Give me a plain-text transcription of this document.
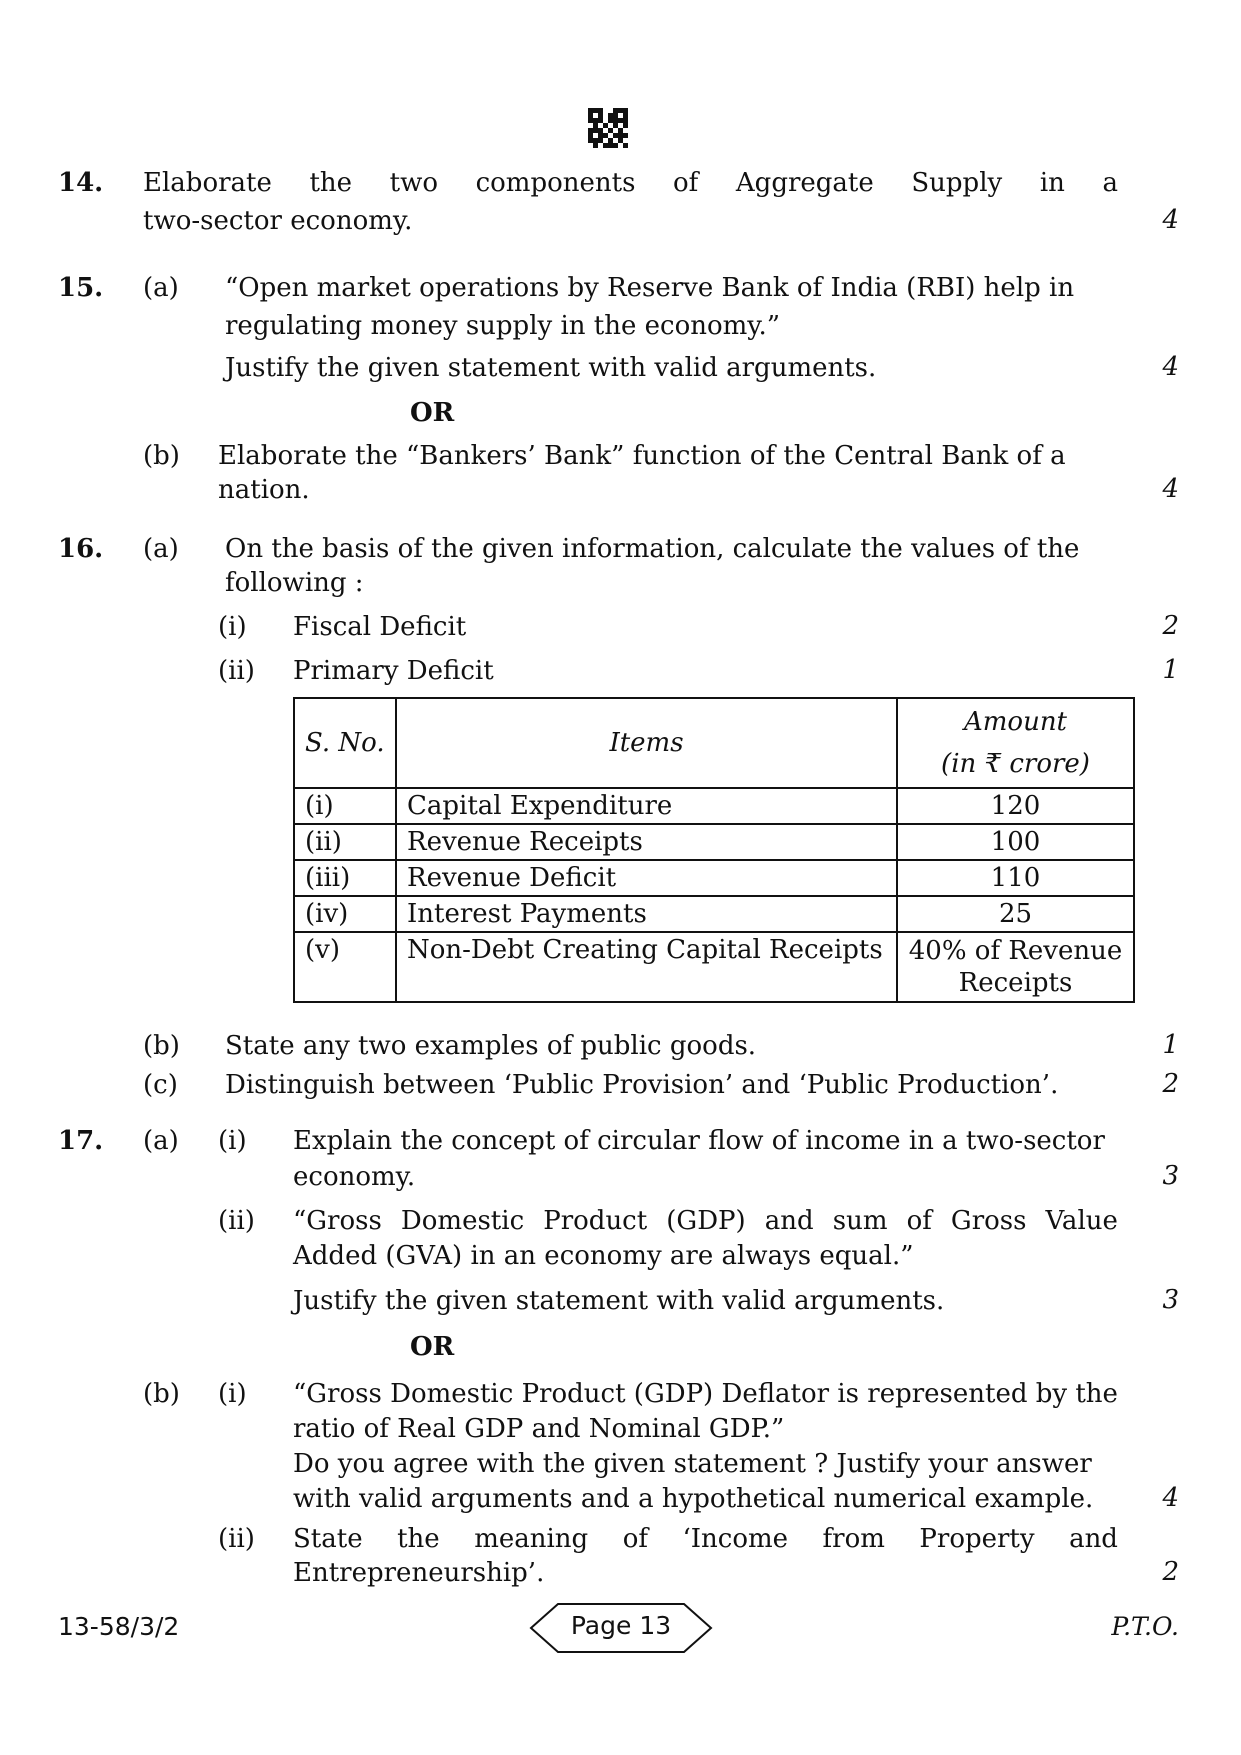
14. Elaborate the two components of Aggregate Supply in a
two-sector economy.	4
15. (a) “Open market operations by Reserve Bank of India (RBI) help in
regulating money supply in the economy.”
Justify the given statement with valid arguments.	4
OR
(b) Elaborate the “Bankers’ Bank” function of the Central Bank of a
nation.	4
16. (a) On the basis of the given information, calculate the values of the
following :
(i) Fiscal Deficit	2
(ii) Primary Deficit	1
S. No.	Items	Amount
(in ₹ crore)

(i)	Capital Expenditure	120
(ii)	Revenue Receipts	100
(iii)	Revenue Deficit	110
(iv)	Interest Payments	25
(v)	Non-Debt Creating Capital Receipts	40% of Revenue Receipts
(b) State any two examples of public goods.	1
(c) Distinguish between ‘Public Provision’ and ‘Public Production’.	2
17. (a) (i) Explain the concept of circular flow of income in a two-sector
economy.	3
(ii) “Gross Domestic Product (GDP) and sum of Gross Value
Added (GVA) in an economy are always equal.”
Justify the given statement with valid arguments.	3
OR
(b) (i) “Gross Domestic Product (GDP) Deflator is represented by the
ratio of Real GDP and Nominal GDP.”
Do you agree with the given statement ? Justify your answer
with valid arguments and a hypothetical numerical example.	4
(ii) State the meaning of ‘Income from Property and
Entrepreneurship’.	2
13-58/3/2	Page 13	P.T.O.
